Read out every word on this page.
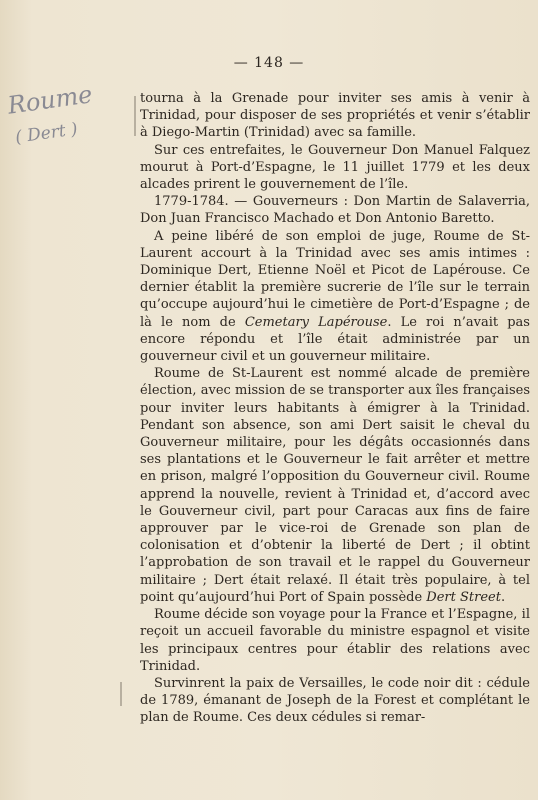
Roume
( Dert )
— 148 —

tourna à la Grenade pour inviter ses amis à venir à Trinidad, pour disposer de ses propriétés et venir s’établir à Diego-Martin (Trinidad) avec sa famille.

Sur ces entrefaites, le Gouverneur Don Manuel Falquez mourut à Port-d’Espagne, le 11 juillet 1779 et les deux alcades prirent le gouvernement de l’île.

1779-1784. — Gouverneurs : Don Martin de Salaverria, Don Juan Francisco Machado et Don Antonio Baretto.

A peine libéré de son emploi de juge, Roume de St-Laurent accourt à la Trinidad avec ses amis intimes : Dominique Dert, Etienne Noël et Picot de Lapérouse. Ce dernier établit la première sucrerie de l’île sur le terrain qu’occupe aujourd’hui le cimetière de Port-d’Espagne ; de là le nom de Cemetary Lapérouse. Le roi n’avait pas encore répondu et l’île était administrée par un gouverneur civil et un gouverneur militaire.

Roume de St-Laurent est nommé alcade de première élection, avec mission de se transporter aux îles françaises pour inviter leurs habitants à émigrer à la Trinidad. Pendant son absence, son ami Dert saisit le cheval du Gouverneur militaire, pour les dégâts occasionnés dans ses plantations et le Gouverneur le fait arrêter et mettre en prison, malgré l’opposition du Gouverneur civil. Roume apprend la nouvelle, revient à Trinidad et, d’accord avec le Gouverneur civil, part pour Caracas aux fins de faire approuver par le vice-roi de Grenade son plan de colonisation et d’obtenir la liberté de Dert ; il obtint l’approbation de son travail et le rappel du Gouverneur militaire ; Dert était relaxé. Il était très populaire, à tel point qu’aujourd’hui Port of Spain possède Dert Street.

Roume décide son voyage pour la France et l’Espagne, il reçoit un accueil favorable du ministre espagnol et visite les principaux centres pour établir des relations avec Trinidad.

Survinrent la paix de Versailles, le code noir dit : cédule de 1789, émanant de Joseph de la Forest et complétant le plan de Roume. Ces deux cédules si remar-
